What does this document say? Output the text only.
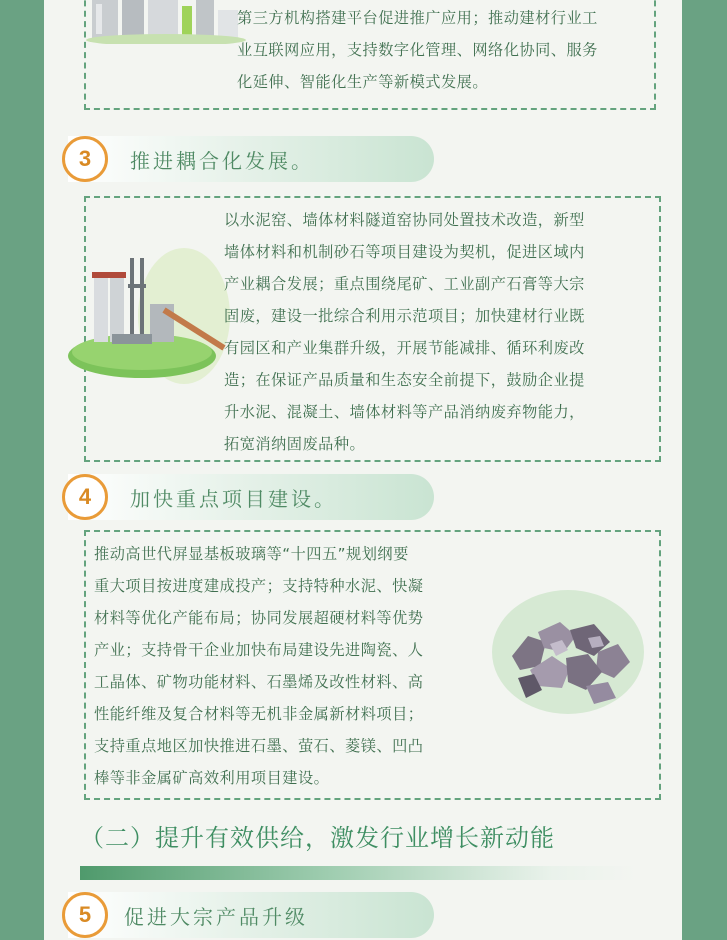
第三方机构搭建平台促进推广应用；推动建材行业工
业互联网应用，支持数字化管理、网络化协同、服务
化延伸、智能化生产等新模式发展。
3	推进耦合化发展。
以水泥窑、墙体材料隧道窑协同处置技术改造，新型
墙体材料和机制砂石等项目建设为契机，促进区域内
产业耦合发展；重点围绕尾矿、工业副产石膏等大宗
固废，建设一批综合利用示范项目；加快建材行业既
有园区和产业集群升级，开展节能减排、循环利废改
造；在保证产品质量和生态安全前提下，鼓励企业提
升水泥、混凝土、墙体材料等产品消纳废弃物能力，
拓宽消纳固废品种。
4	加快重点项目建设。
推动高世代屏显基板玻璃等“十四五”规划纲要
重大项目按进度建成投产；支持特种水泥、快凝
材料等优化产能布局；协同发展超硬材料等优势
产业；支持骨干企业加快布局建设先进陶瓷、人
工晶体、矿物功能材料、石墨烯及改性材料、高
性能纤维及复合材料等无机非金属新材料项目；
支持重点地区加快推进石墨、萤石、菱镁、凹凸
棒等非金属矿高效利用项目建设。
（二）提升有效供给，激发行业增长新动能
5	促进大宗产品升级
